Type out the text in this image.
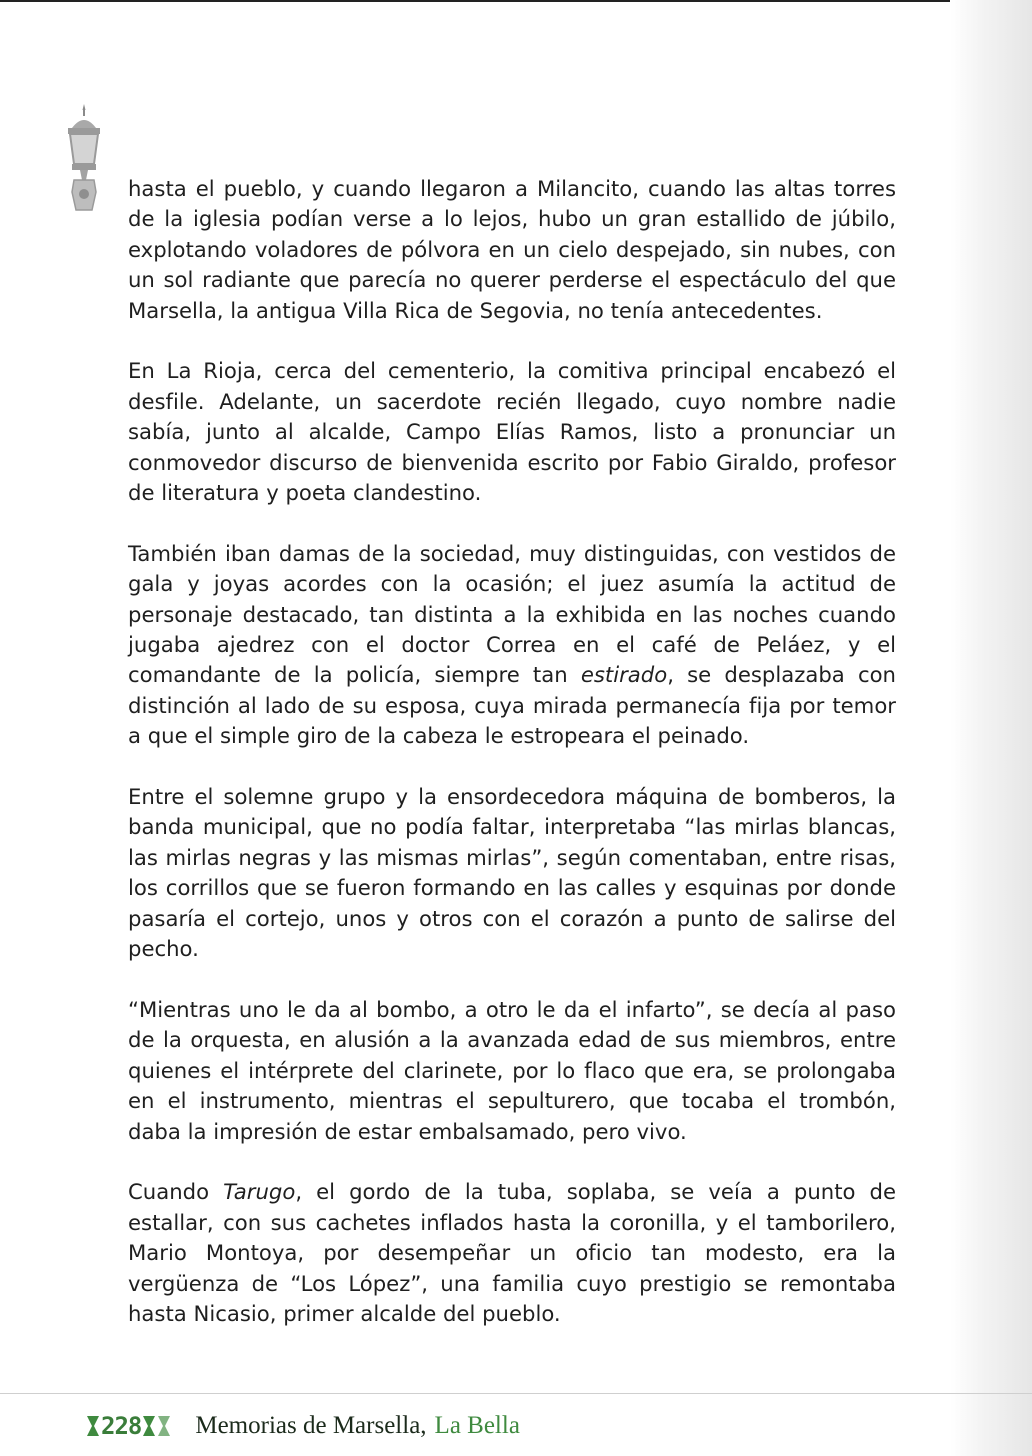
hasta el pueblo, y cuando llegaron a Milancito, cuando las altas torres de la iglesia podían verse a lo lejos, hubo un gran estallido de júbilo, explotando voladores de pólvora en un cielo despejado, sin nubes, con un sol radiante que parecía no querer perderse el espectáculo del que Marsella, la antigua Villa Rica de Segovia, no tenía antecedentes.

En La Rioja, cerca del cementerio, la comitiva principal encabezó el desfile. Adelante, un sacerdote recién llegado, cuyo nombre nadie sabía, junto al alcalde, Campo Elías Ramos, listo a pronunciar un conmovedor discurso de bienvenida escrito por Fabio Giraldo, profesor de literatura y poeta clandestino.

También iban damas de la sociedad, muy distinguidas, con vestidos de gala y joyas acordes con la ocasión; el juez asumía la actitud de personaje destacado, tan distinta a la exhibida en las noches cuando jugaba ajedrez con el doctor Correa en el café de Peláez, y el comandante de la policía, siempre tan estirado, se desplazaba con distinción al lado de su esposa, cuya mirada permanecía fija por temor a que el simple giro de la cabeza le estropeara el peinado.

Entre el solemne grupo y la ensordecedora máquina de bomberos, la banda municipal, que no podía faltar, interpretaba “las mirlas blancas, las mirlas negras y las mismas mirlas”, según comentaban, entre risas, los corrillos que se fueron formando en las calles y esquinas por donde pasaría el cortejo, unos y otros con el corazón a punto de salirse del pecho.

“Mientras uno le da al bombo, a otro le da el infarto”, se decía al paso de la orquesta, en alusión a la avanzada edad de sus miembros, entre quienes el intérprete del clarinete, por lo flaco que era, se prolongaba en el instrumento, mientras el sepulturero, que tocaba el trombón, daba la impresión de estar embalsamado, pero vivo.

Cuando Tarugo, el gordo de la tuba, soplaba, se veía a punto de estallar, con sus cachetes inflados hasta la coronilla, y el tamborilero, Mario Montoya, por desempeñar un oficio tan modesto, era la vergüenza de “Los López”, una familia cuyo prestigio se remontaba hasta Nicasio, primer alcalde del pueblo.

228 Memorias de Marsella, La Bella
